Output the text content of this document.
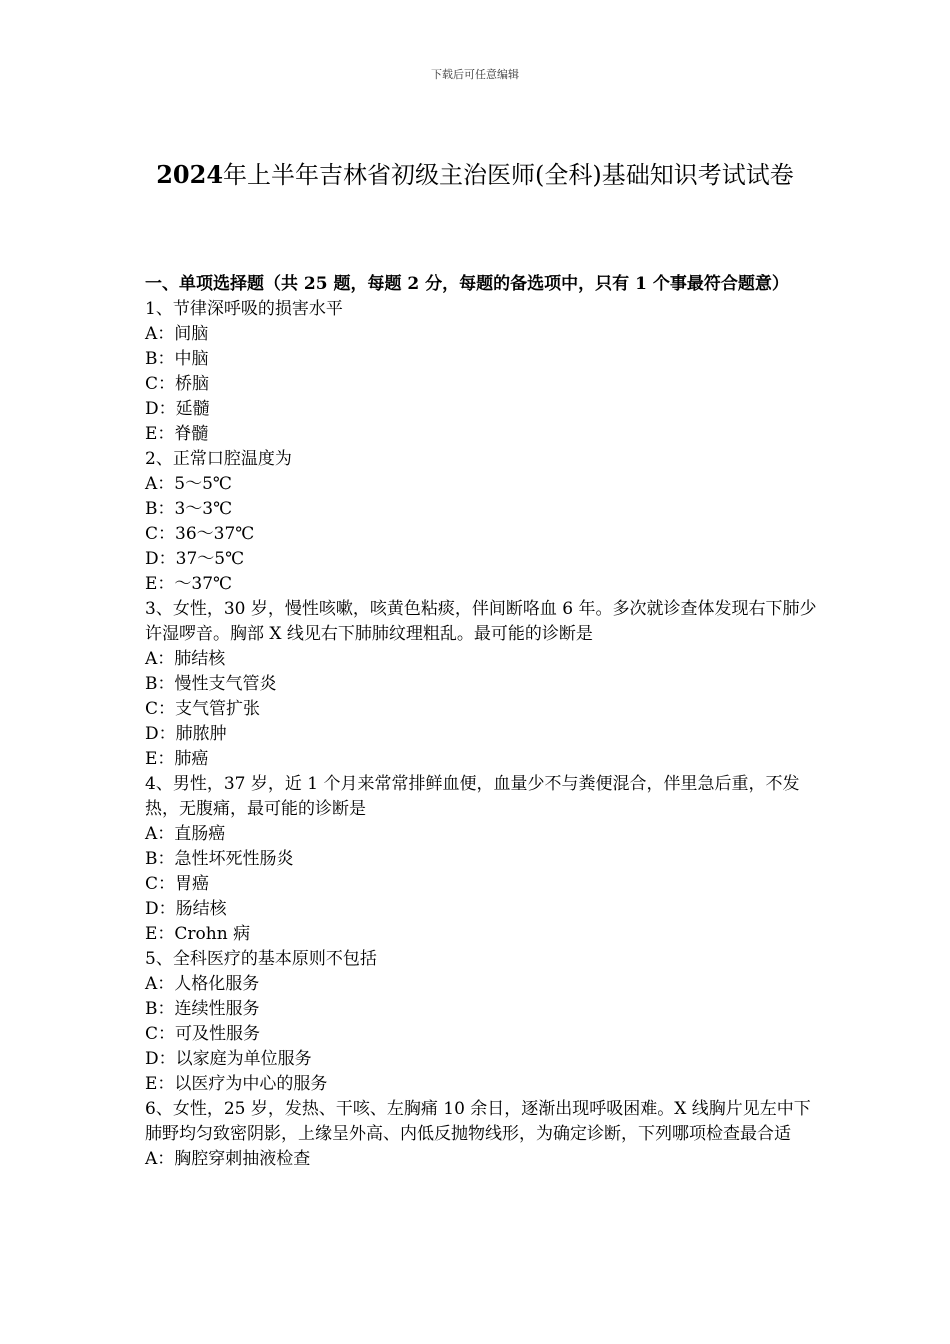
下载后可任意编辑
2024年上半年吉林省初级主治医师(全科)基础知识考试试卷

一、单项选择题（共 25 题，每题 2 分，每题的备选项中，只有 1 个事最符合题意）

1、节律深呼吸的损害水平

A：间脑

B：中脑

C：桥脑

D：延髓

E：脊髓

2、正常口腔温度为

A：5～5℃

B：3～3℃

C：36～37℃

D：37～5℃

E：～37℃

3、女性，30 岁，慢性咳嗽，咳黄色粘痰，伴间断咯血 6 年。多次就诊查体发现右下肺少许湿啰音。胸部 X 线见右下肺肺纹理粗乱。最可能的诊断是

A：肺结核

B：慢性支气管炎

C：支气管扩张

D：肺脓肿

E：肺癌

4、男性，37 岁，近 1 个月来常常排鲜血便，血量少不与粪便混合，伴里急后重，不发热，无腹痛，最可能的诊断是

A：直肠癌

B：急性坏死性肠炎

C：胃癌

D：肠结核

E：Crohn 病

5、全科医疗的基本原则不包括

A：人格化服务

B：连续性服务

C：可及性服务

D：以家庭为单位服务

E：以医疗为中心的服务

6、女性，25 岁，发热、干咳、左胸痛 10 余日，逐渐出现呼吸困难。X 线胸片见左中下肺野均匀致密阴影，上缘呈外高、内低反抛物线形，为确定诊断，下列哪项检查最合适

A：胸腔穿刺抽液检查
